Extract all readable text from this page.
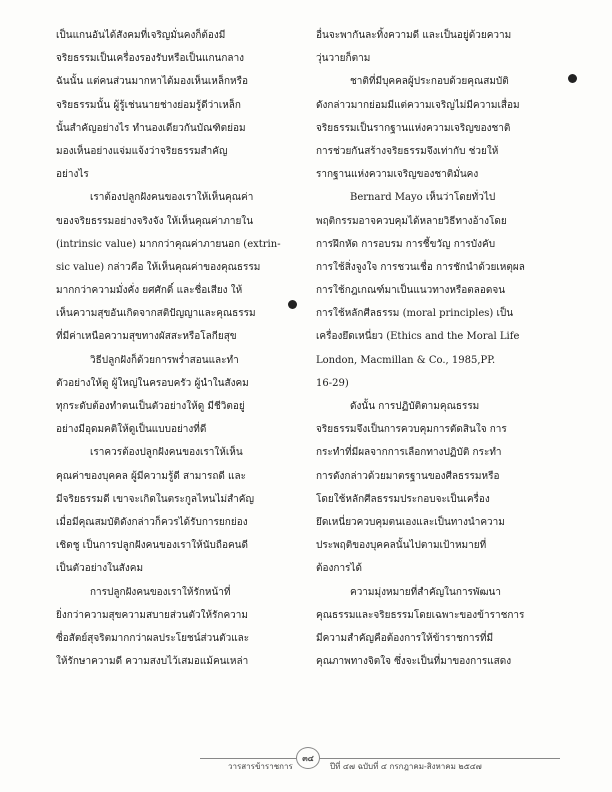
เป็นแกนอันได้สังคมที่เจริญมั่นคงก็ต้องมี
จริยธรรมเป็นเครื่องรองรับหรือเป็นแกนกลาง
ฉันนั้น แต่คนส่วนมากหาได้มองเห็นเหล็กหรือ
จริยธรรมนั้น ผู้รู้เช่นนายช่างย่อมรู้ดีว่าเหล็ก
นั้นสำคัญอย่างไร ทำนองเดียวกันบัณฑิตย่อม
มองเห็นอย่างแจ่มแจ้งว่าจริยธรรมสำคัญ
อย่างไร
เราต้องปลูกฝังคนของเราให้เห็นคุณค่า
ของจริยธรรมอย่างจริงจัง ให้เห็นคุณค่าภายใน
(intrinsic value) มากกว่าคุณค่าภายนอก (extrin-
sic value) กล่าวคือ ให้เห็นคุณค่าของคุณธรรม
มากกว่าความมั่งคั่ง ยศศักดิ์ และชื่อเสียง ให้
เห็นความสุขอันเกิดจากสติปัญญาและคุณธรรม
ที่มีค่าเหนือความสุขทางผัสสะหรือโลกียสุข
วิธีปลูกฝังก็ด้วยการพร่ำสอนและทำ
ตัวอย่างให้ดู ผู้ใหญ่ในครอบครัว ผู้นำในสังคม
ทุกระดับต้องทำตนเป็นตัวอย่างให้ดู มีชีวิตอยู่
อย่างมีอุดมคติให้ดูเป็นแบบอย่างที่ดี
เราควรต้องปลูกฝังคนของเราให้เห็น
คุณค่าของบุคคล ผู้มีความรู้ดี สามารถดี และ
มีจริยธรรมดี เขาจะเกิดในตระกูลไหนไม่สำคัญ
เมื่อมีคุณสมบัติดังกล่าวก็ควรได้รับการยกย่อง
เชิดชู เป็นการปลูกฝังคนของเราให้นับถือคนดี
เป็นตัวอย่างในสังคม
การปลูกฝังคนของเราให้รักหน้าที่
ยิ่งกว่าความสุขความสบายส่วนตัวให้รักความ
ซื่อสัตย์สุจริตมากกว่าผลประโยชน์ส่วนตัวและ
ให้รักษาความดี ความสงบไว้เสมอแม้คนเหล่า
อื่นจะพากันละทิ้งความดี และเป็นอยู่ด้วยความ
วุ่นวายก็ตาม
ชาติที่มีบุคคลผู้ประกอบด้วยคุณสมบัติ
ดังกล่าวมากย่อมมีแต่ความเจริญไม่มีความเสื่อม
จริยธรรมเป็นรากฐานแห่งความเจริญของชาติ
การช่วยกันสร้างจริยธรรมจึงเท่ากับ ช่วยให้
รากฐานแห่งความเจริญของชาติมั่นคง
Bernard Mayo เห็นว่าโดยทั่วไป
พฤติกรรมอาจควบคุมได้หลายวิธีทางอ้างโดย
การฝึกหัด การอบรม การชี้ขวัญ การบังคับ
การใช้สิ่งจูงใจ การชวนเชื่อ การชักนำด้วยเหตุผล
การใช้กฎเกณฑ์มาเป็นแนวทางหรือตลอดจน
การใช้หลักศีลธรรม (moral principles) เป็น
เครื่องยึดเหนี่ยว (Ethics and the Moral Life
London, Macmillan & Co., 1985,PP.
16-29)
ดังนั้น การปฏิบัติตามคุณธรรม
จริยธรรมจึงเป็นการควบคุมการตัดสินใจ การ
กระทำที่มีผลจากการเลือกทางปฏิบัติ กระทำ
การดังกล่าวด้วยมาตรฐานของศีลธรรมหรือ
โดยใช้หลักศีลธรรมประกอบจะเป็นเครื่อง
ยึดเหนี่ยวควบคุมตนเองและเป็นทางนำความ
ประพฤติของบุคคลนั้นไปตามเป้าหมายที่
ต้องการได้
ความมุ่งหมายที่สำคัญในการพัฒนา
คุณธรรมและจริยธรรมโดยเฉพาะของข้าราชการ
มีความสำคัญคือต้องการให้ข้าราชการที่มี
คุณภาพทางจิตใจ ซึ่งจะเป็นที่มาของการแสดง
๓๔
วารสารข้าราชการ	ปีที่ ๔๗ ฉบับที่ ๔ กรกฎาคม-สิงหาคม ๒๕๔๗
